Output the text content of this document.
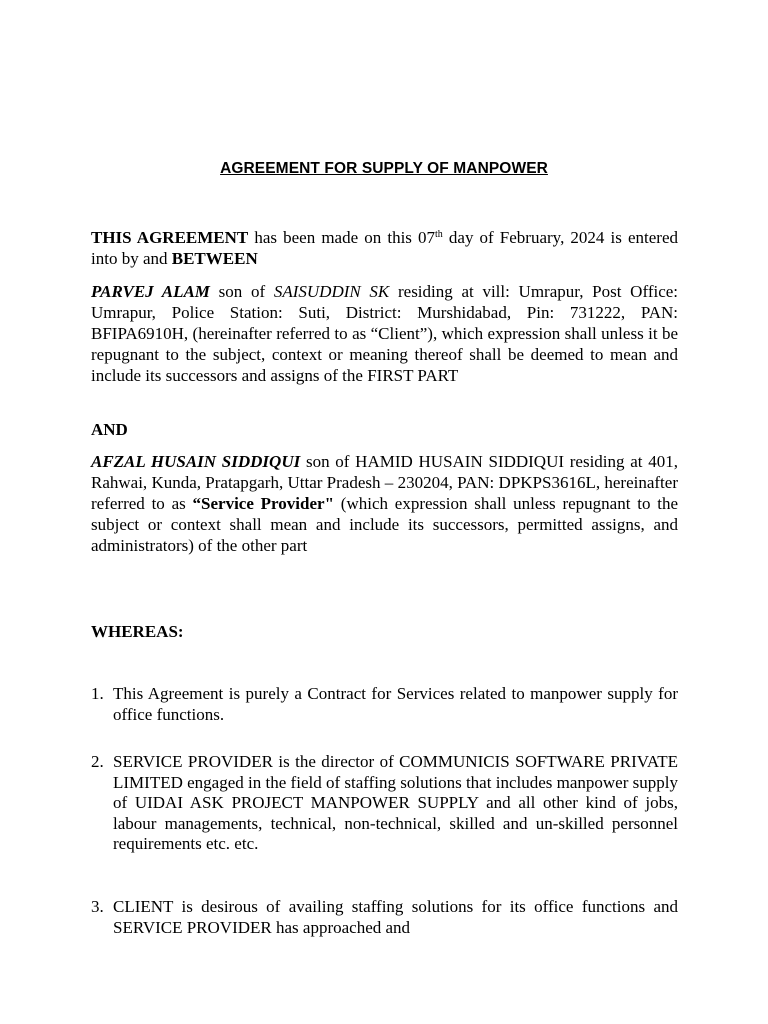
AGREEMENT FOR SUPPLY OF MANPOWER

THIS AGREEMENT has been made on this 07th day of February, 2024 is entered into by and BETWEEN

PARVEJ ALAM son of SAISUDDIN SK residing at vill: Umrapur, Post Office: Umrapur, Police Station: Suti, District: Murshidabad, Pin: 731222, PAN: BFIPA6910H, (hereinafter referred to as “Client”), which expression shall unless it be repugnant to the subject, context or meaning thereof shall be deemed to mean and include its successors and assigns of the FIRST PART

AND

AFZAL HUSAIN SIDDIQUI son of HAMID HUSAIN SIDDIQUI residing at 401, Rahwai, Kunda, Pratapgarh, Uttar Pradesh – 230204, PAN: DPKPS3616L, hereinafter referred to as “Service Provider" (which expression shall unless repugnant to the subject or context shall mean and include its successors, permitted assigns, and administrators) of the other part

WHEREAS:

1. This Agreement is purely a Contract for Services related to manpower supply for office functions.
2. SERVICE PROVIDER is the director of COMMUNICIS SOFTWARE PRIVATE LIMITED engaged in the field of staffing solutions that includes manpower supply of UIDAI ASK PROJECT MANPOWER SUPPLY and all other kind of jobs, labour managements, technical, non-technical, skilled and un-skilled personnel requirements etc. etc.
3. CLIENT is desirous of availing staffing solutions for its office functions and SERVICE PROVIDER has approached and
